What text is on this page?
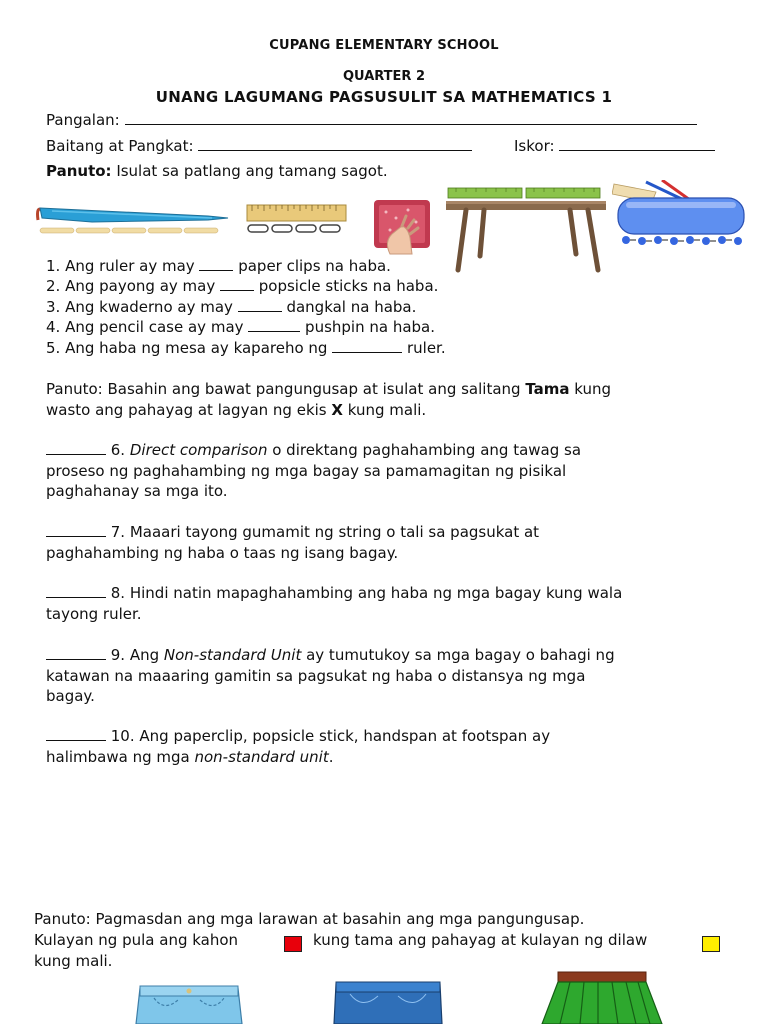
CUPANG ELEMENTARY SCHOOL
QUARTER 2
UNANG LAGUMANG PAGSUSULIT SA MATHEMATICS 1
Pangalan:
Baitang at Pangkat:	Iskor:
Panuto: Isulat sa patlang ang tamang sagot.
1. Ang ruler ay may  paper clips na haba.
2. Ang payong ay may  popsicle sticks na haba.
3. Ang kwaderno ay may	dangkal na haba.
4. Ang pencil case ay may	pushpin na haba.
5. Ang haba ng mesa ay kapareho ng	ruler.
Panuto: Basahin ang bawat pangungusap at isulat ang salitang Tama kung
wasto ang pahayag at lagyan ng ekis X kung mali.
6. Direct comparison o direktang paghahambing ang tawag sa
proseso ng paghahambing ng mga bagay sa pamamagitan ng pisikal
paghahanay sa mga ito.
7. Maaari tayong gumamit ng string o tali sa pagsukat at
paghahambing ng haba o taas ng isang bagay.
8. Hindi natin mapaghahambing ang haba ng mga bagay kung wala
tayong ruler.
9. Ang Non-standard Unit ay tumutukoy sa mga bagay o bahagi ng
katawan na maaaring gamitin sa pagsukat ng haba o distansya ng mga
bagay.
10. Ang paperclip, popsicle stick, handspan at footspan ay
halimbawa ng mga non-standard unit.
Panuto: Pagmasdan ang mga larawan at basahin ang mga pangungusap.
Kulayan ng pula ang kahon	kung tama ang pahayag at kulayan ng dilaw
kung mali.
